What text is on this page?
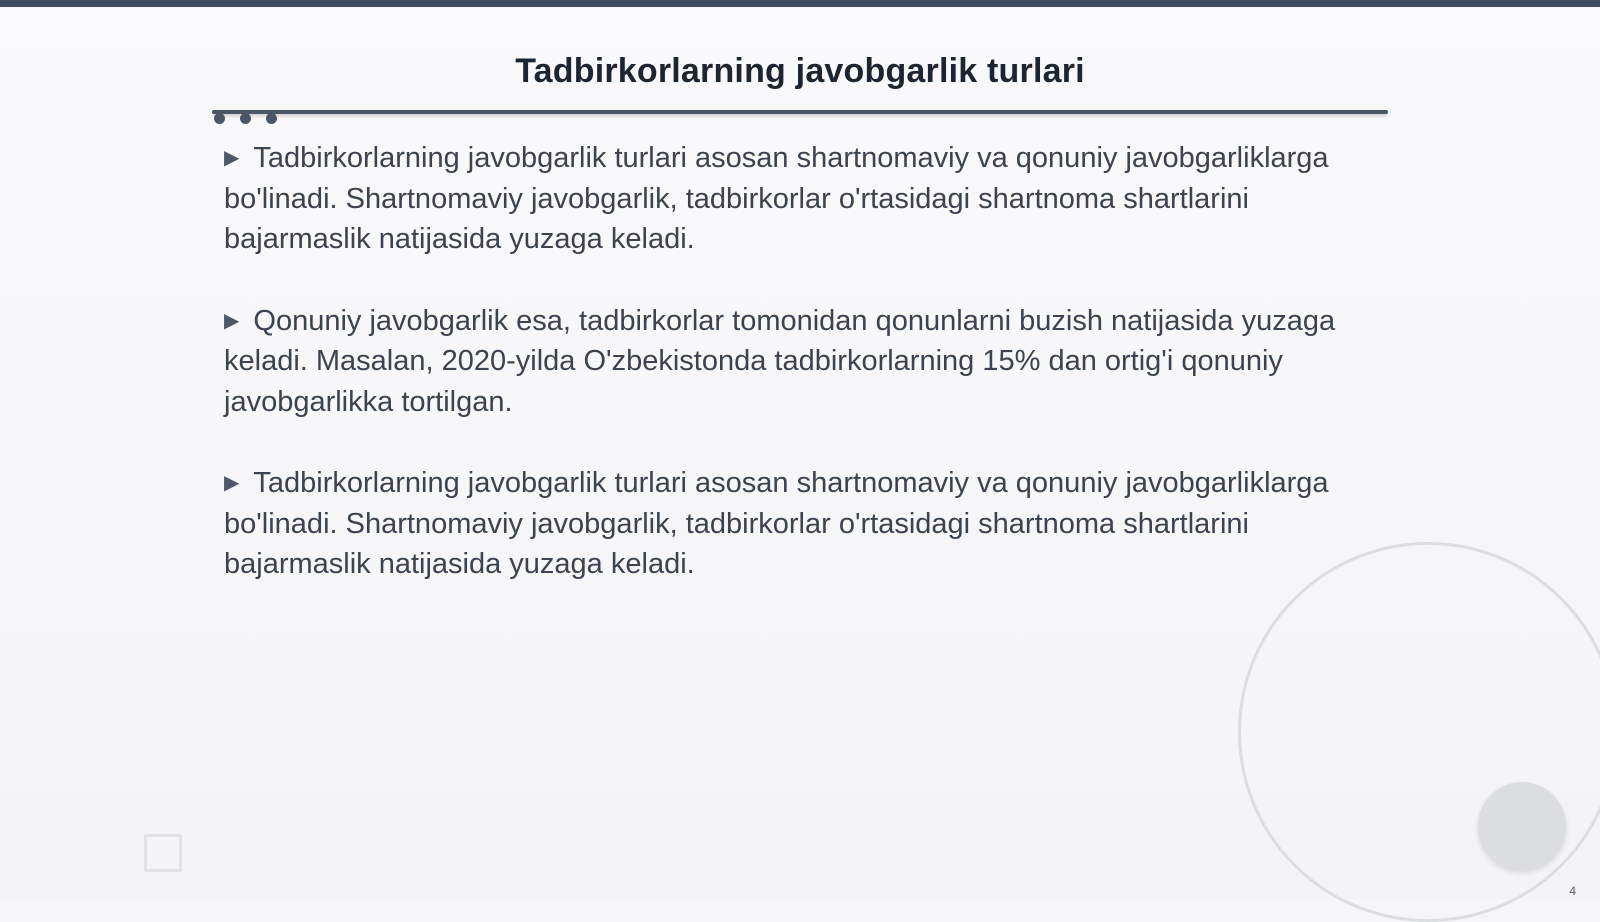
Tadbirkorlarning javobgarlik turlari

▶ Tadbirkorlarning javobgarlik turlari asosan shartnomaviy va qonuniy javobgarliklarga bo'linadi. Shartnomaviy javobgarlik, tadbirkorlar o'rtasidagi shartnoma shartlarini bajarmaslik natijasida yuzaga keladi.

▶ Qonuniy javobgarlik esa, tadbirkorlar tomonidan qonunlarni buzish natijasida yuzaga keladi. Masalan, 2020-yilda O'zbekistonda tadbirkorlarning 15% dan ortig'i qonuniy javobgarlikka tortilgan.

▶ Tadbirkorlarning javobgarlik turlari asosan shartnomaviy va qonuniy javobgarliklarga bo'linadi. Shartnomaviy javobgarlik, tadbirkorlar o'rtasidagi shartnoma shartlarini bajarmaslik natijasida yuzaga keladi.

4
